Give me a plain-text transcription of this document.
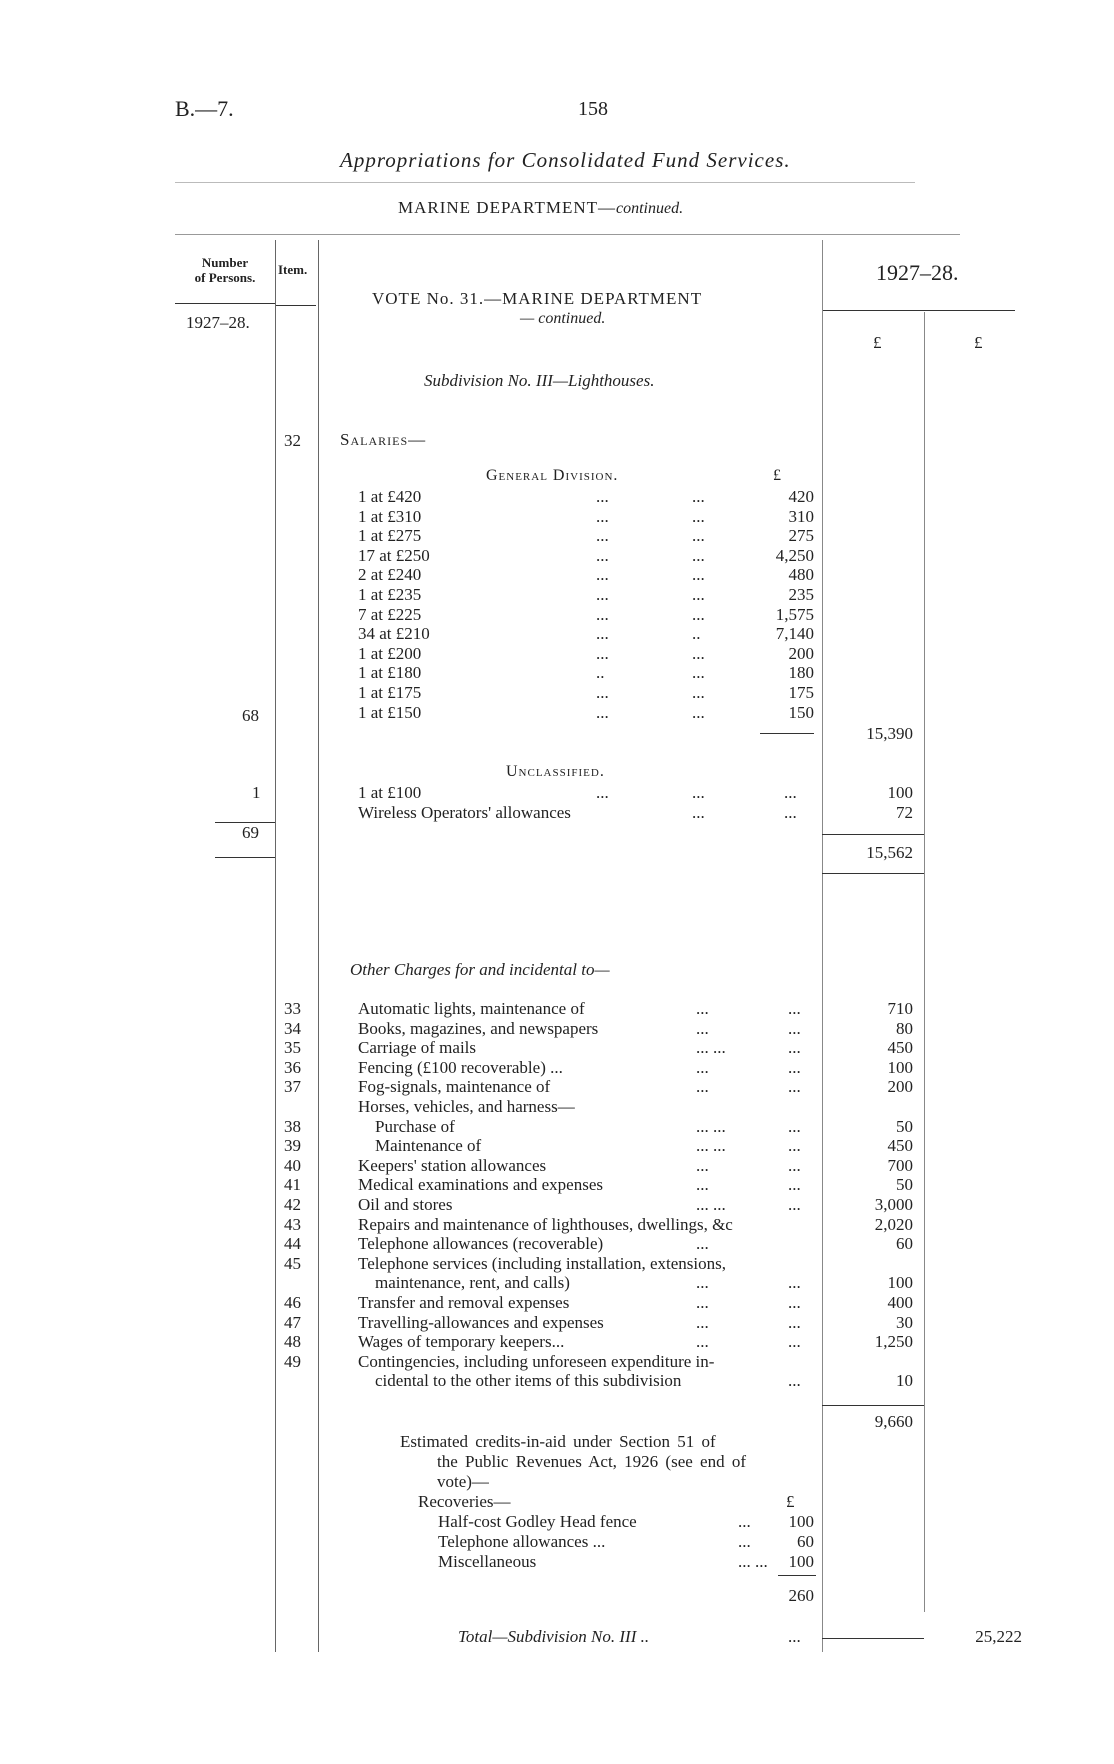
B.—7.	158
Appropriations for Consolidated Fund Services.
MARINE DEPARTMENT—continued.
Number
of Persons.
Item.	1927–28.
1927–28.
£	£
VOTE No. 31.—MARINE DEPARTMENT
— continued.
Subdivision No. III—Lighthouses.
32 Salaries—
General Division.	£
1 at £420	...	...	420
1 at £310	...	...	310
1 at £275	...	...	275
17 at £250	...	...	4,250
2 at £240	...	...	480
1 at £235	...	...	235
7 at £225	...	...	1,575
34 at £210	...	..	7,140
1 at £200	...	...	200
1 at £180	..	...	180
1 at £175	...	...	175
1 at £150	...	...	150
68
15,390
Unclassified.
1	1 at £100	...	...	...	100
Wireless Operators' allowances	...	...	72
69
15,562
Other Charges for and incidental to—
33	Automatic lights, maintenance of	...	...	710
34	Books, magazines, and newspapers	...	...	80
35	Carriage of mails	... ...	...	450
36	Fencing (£100 recoverable) ...	...	...	100
37	Fog-signals, maintenance of	...	...	200
Horses, vehicles, and harness—
38	Purchase of	... ...	...	50
39	Maintenance of	... ...	...	450
40	Keepers' station allowances	...	...	700
41	Medical examinations and expenses	...	...	50
42	Oil and stores	... ...	...	3,000
43	Repairs and maintenance of lighthouses, dwellings, &c	2,020
44	Telephone allowances (recoverable)	...	60
45	Telephone services (including installation, extensions,
maintenance, rent, and calls)	...	...	100
46	Transfer and removal expenses	...	...	400
47	Travelling-allowances and expenses	...	...	30
48	Wages of temporary keepers...	...	...	1,250
49	Contingencies, including unforeseen expenditure in-
cidental to the other items of this subdivision	...	10
9,660
Estimated credits-in-aid under Section 51 of
the Public Revenues Act, 1926 (see end of
vote)—
Recoveries—	£
Half-cost Godley Head fence	...	100
Telephone allowances ...	...	60
Miscellaneous	... ...	100
260
Total—Subdivision No. III ..	...	25,222
